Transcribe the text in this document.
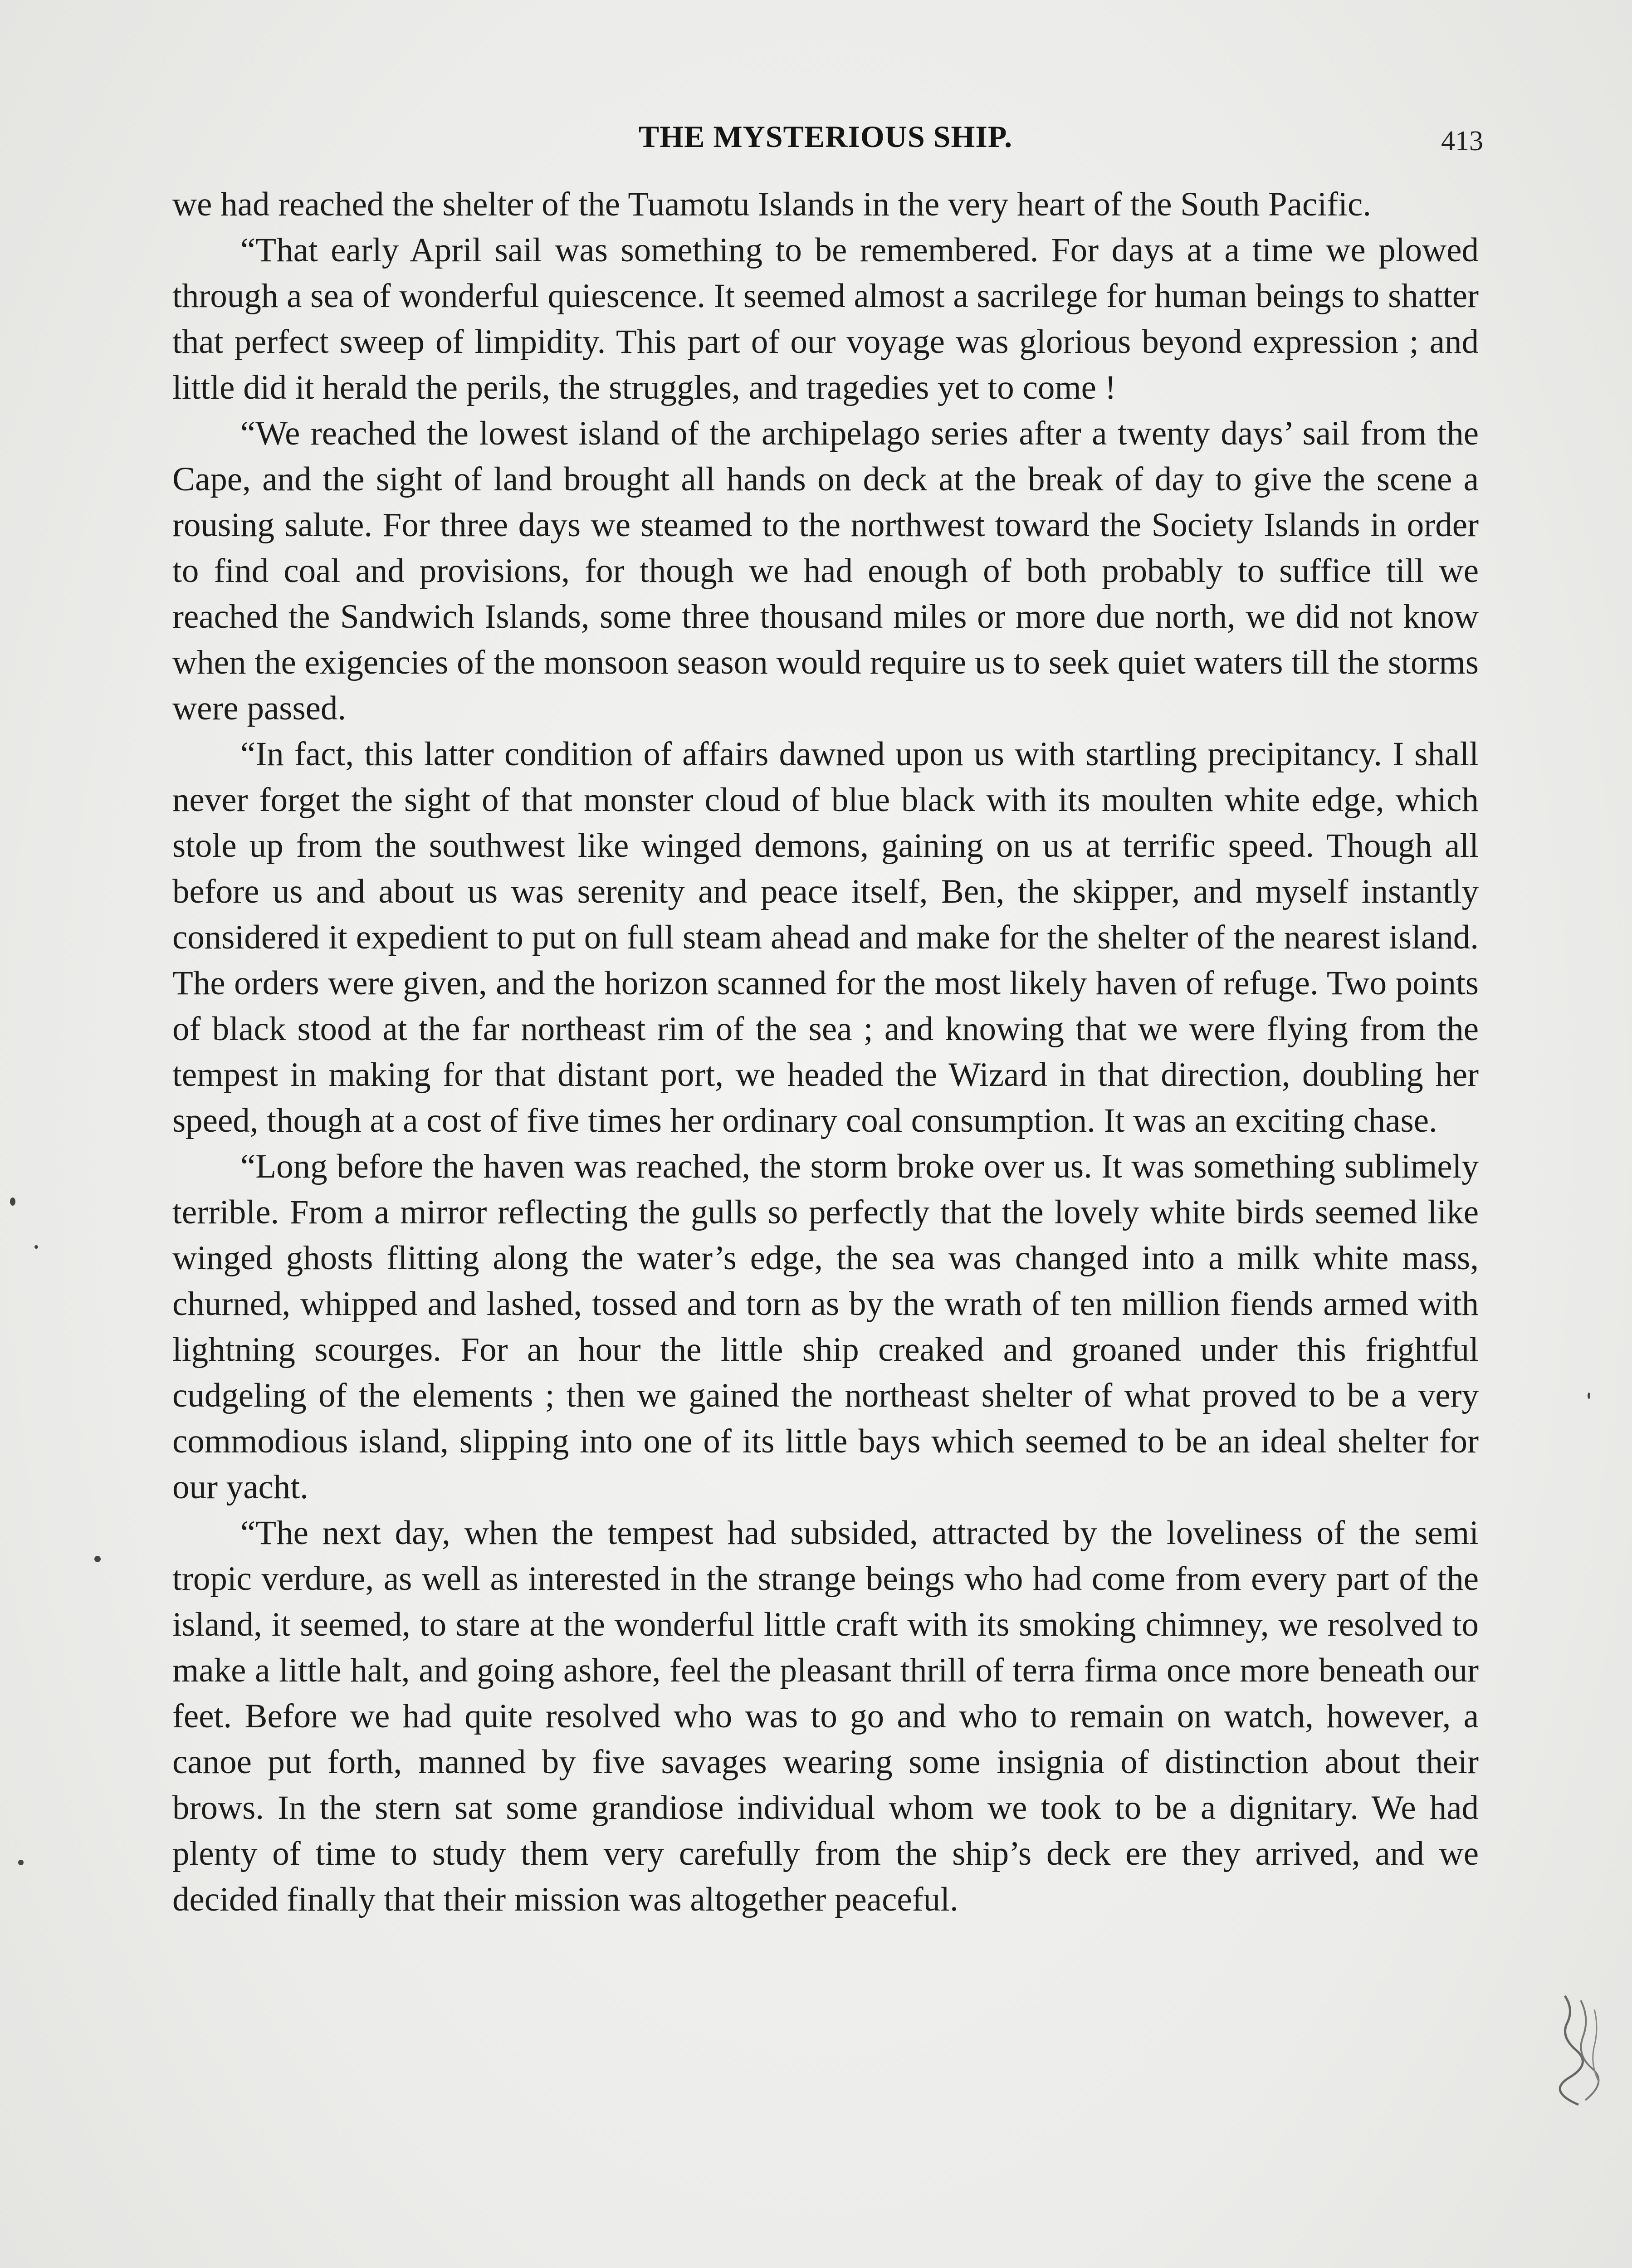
THE MYSTERIOUS SHIP.	413

we had reached the shelter of the Tuamotu Islands in the very heart of the South Pacific.

“That early April sail was something to be remembered. For days at a time we plowed through a sea of wonderful quiescence. It seemed almost a sacrilege for human beings to shatter that perfect sweep of limpidity. This part of our voyage was glorious beyond expression ; and little did it herald the perils, the struggles, and tragedies yet to come !

“We reached the lowest island of the archipelago series after a twenty days’ sail from the Cape, and the sight of land brought all hands on deck at the break of day to give the scene a rousing salute. For three days we steamed to the northwest toward the Society Islands in order to find coal and provisions, for though we had enough of both probably to suffice till we reached the Sandwich Islands, some three thousand miles or more due north, we did not know when the exigencies of the monsoon season would require us to seek quiet waters till the storms were passed.

“In fact, this latter condition of affairs dawned upon us with startling precipitancy. I shall never forget the sight of that monster cloud of blue black with its moulten white edge, which stole up from the southwest like winged demons, gaining on us at terrific speed. Though all before us and about us was serenity and peace itself, Ben, the skipper, and myself instantly considered it expedient to put on full steam ahead and make for the shelter of the nearest island. The orders were given, and the horizon scanned for the most likely haven of refuge. Two points of black stood at the far northeast rim of the sea ; and knowing that we were flying from the tempest in making for that distant port, we headed the Wizard in that direction, doubling her speed, though at a cost of five times her ordinary coal consumption. It was an exciting chase.

“Long before the haven was reached, the storm broke over us. It was something sublimely terrible. From a mirror reflecting the gulls so perfectly that the lovely white birds seemed like winged ghosts flitting along the water’s edge, the sea was changed into a milk white mass, churned, whipped and lashed, tossed and torn as by the wrath of ten million fiends armed with lightning scourges. For an hour the little ship creaked and groaned under this frightful cudgeling of the elements ; then we gained the northeast shelter of what proved to be a very commodious island, slipping into one of its little bays which seemed to be an ideal shelter for our yacht.

“The next day, when the tempest had subsided, attracted by the loveliness of the semi tropic verdure, as well as interested in the strange beings who had come from every part of the island, it seemed, to stare at the wonderful little craft with its smoking chimney, we resolved to make a little halt, and going ashore, feel the pleasant thrill of terra firma once more beneath our feet. Before we had quite resolved who was to go and who to remain on watch, however, a canoe put forth, manned by five savages wearing some insignia of distinction about their brows. In the stern sat some grandiose individual whom we took to be a dignitary. We had plenty of time to study them very carefully from the ship’s deck ere they arrived, and we decided finally that their mission was altogether peaceful.
